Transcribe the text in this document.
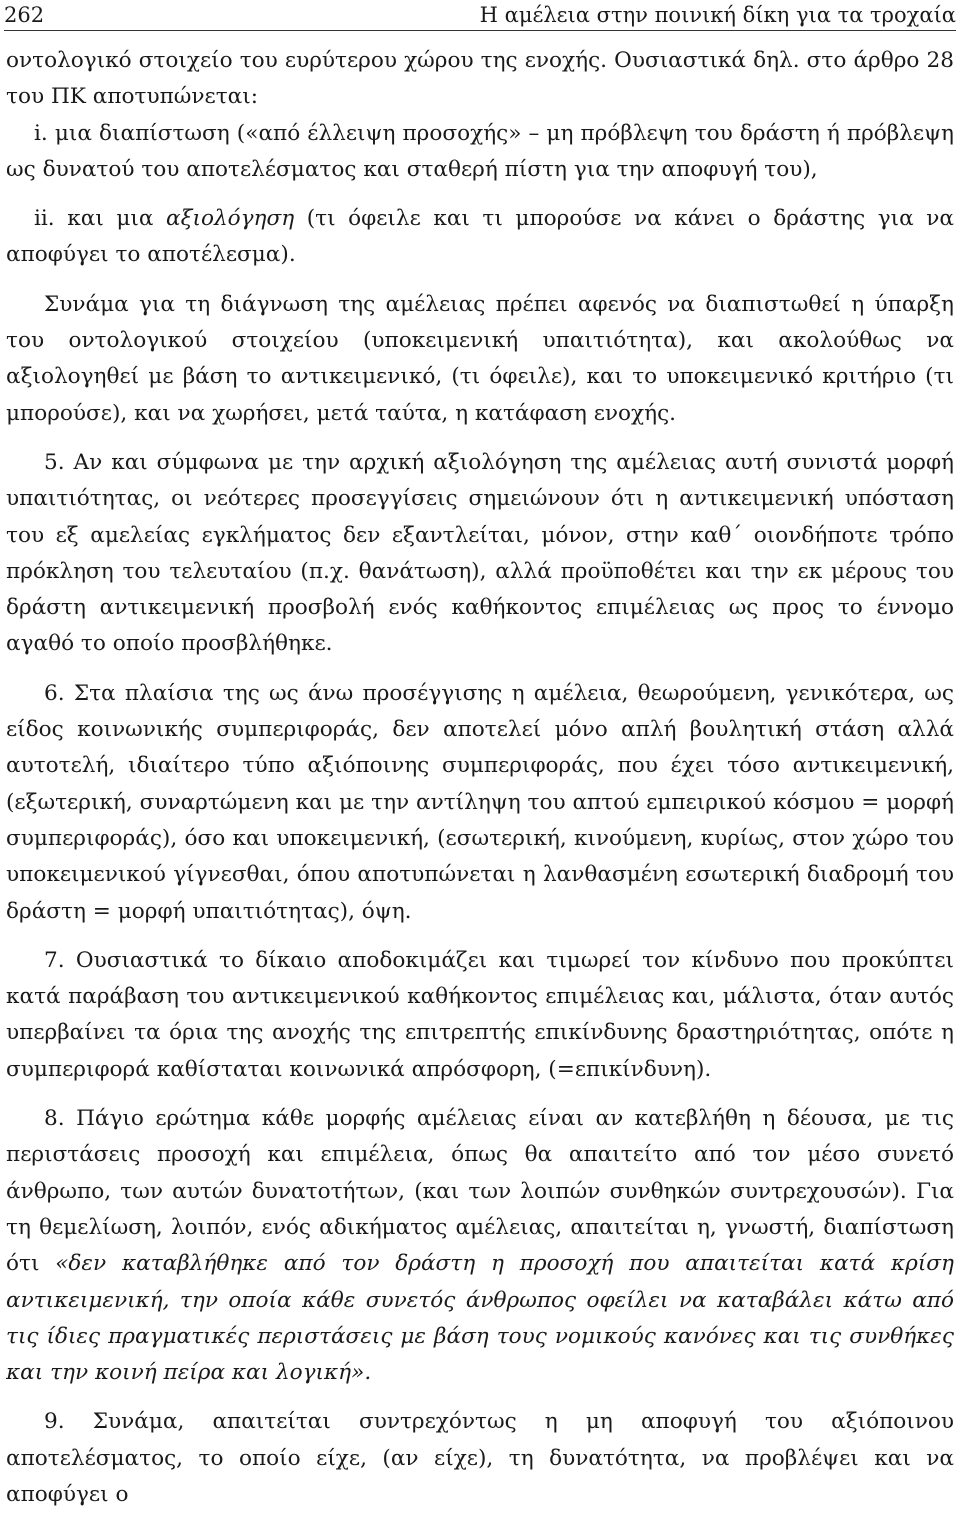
262	Η αμέλεια στην ποινική δίκη για τα τροχαία

οντολογικό στοιχείο του ευρύτερου χώρου της ενοχής. Ουσιαστικά δηλ. στο άρθρο 28 του ΠΚ αποτυπώνεται:

i. μια διαπίστωση («από έλλειψη προσοχής» – μη πρόβλεψη του δράστη ή πρόβλεψη ως δυνατού του αποτελέσματος και σταθερή πίστη για την αποφυγή του),

ii. και μια αξιολόγηση (τι όφειλε και τι μπορούσε να κάνει ο δράστης για να αποφύγει το αποτέλεσμα).

Συνάμα για τη διάγνωση της αμέλειας πρέπει αφενός να διαπιστωθεί η ύπαρξη του οντολογικού στοιχείου (υποκειμενική υπαιτιότητα), και ακολούθως να αξιολογηθεί με βάση το αντικειμενικό, (τι όφειλε), και το υποκειμενικό κριτήριο (τι μπορούσε), και να χωρήσει, μετά ταύτα, η κατάφαση ενοχής.

5. Αν και σύμφωνα με την αρχική αξιολόγηση της αμέλειας αυτή συνιστά μορφή υπαιτιότητας, οι νεότερες προσεγγίσεις σημειώνουν ότι η αντικειμενική υπόσταση του εξ αμελείας εγκλήματος δεν εξαντλείται, μόνον, στην καθ΄ οιονδήποτε τρόπο πρόκληση του τελευταίου (π.χ. θανάτωση), αλλά προϋποθέτει και την εκ μέρους του δράστη αντικειμενική προσβολή ενός καθήκοντος επιμέλειας ως προς το έννομο αγαθό το οποίο προσβλήθηκε.

6. Στα πλαίσια της ως άνω προσέγγισης η αμέλεια, θεωρούμενη, γενικότερα, ως είδος κοινωνικής συμπεριφοράς, δεν αποτελεί μόνο απλή βουλητική στάση αλλά αυτοτελή, ιδιαίτερο τύπο αξιόποινης συμπεριφοράς, που έχει τόσο αντικειμενική, (εξωτερική, συναρτώμενη και με την αντίληψη του απτού εμπειρικού κόσμου = μορφή συμπεριφοράς), όσο και υποκειμενική, (εσωτερική, κινούμενη, κυρίως, στον χώρο του υποκειμενικού γίγνεσθαι, όπου αποτυπώνεται η λανθασμένη εσωτερική διαδρομή του δράστη = μορφή υπαιτιότητας), όψη.

7. Ουσιαστικά το δίκαιο αποδοκιμάζει και τιμωρεί τον κίνδυνο που προκύπτει κατά παράβαση του αντικειμενικού καθήκοντος επιμέλειας και, μάλιστα, όταν αυτός υπερβαίνει τα όρια της ανοχής της επιτρεπτής επικίνδυνης δραστηριότητας, οπότε η συμπεριφορά καθίσταται κοινωνικά απρόσφορη, (=επικίνδυνη).

8. Πάγιο ερώτημα κάθε μορφής αμέλειας είναι αν κατεβλήθη η δέουσα, με τις περιστάσεις προσοχή και επιμέλεια, όπως θα απαιτείτο από τον μέσο συνετό άνθρωπο, των αυτών δυνατοτήτων, (και των λοιπών συνθηκών συντρεχουσών). Για τη θεμελίωση, λοιπόν, ενός αδικήματος αμέλειας, απαιτείται η, γνωστή, διαπίστωση ότι «δεν καταβλήθηκε από τον δράστη η προσοχή που απαιτείται κατά κρίση αντικειμενική, την οποία κάθε συνετός άνθρωπος οφείλει να καταβάλει κάτω από τις ίδιες πραγματικές περιστάσεις με βάση τους νομικούς κανόνες και τις συνθήκες και την κοινή πείρα και λογική».

9. Συνάμα, απαιτείται συντρεχόντως η μη αποφυγή του αξιόποινου αποτελέσματος, το οποίο είχε, (αν είχε), τη δυνατότητα, να προβλέψει και να αποφύγει ο
